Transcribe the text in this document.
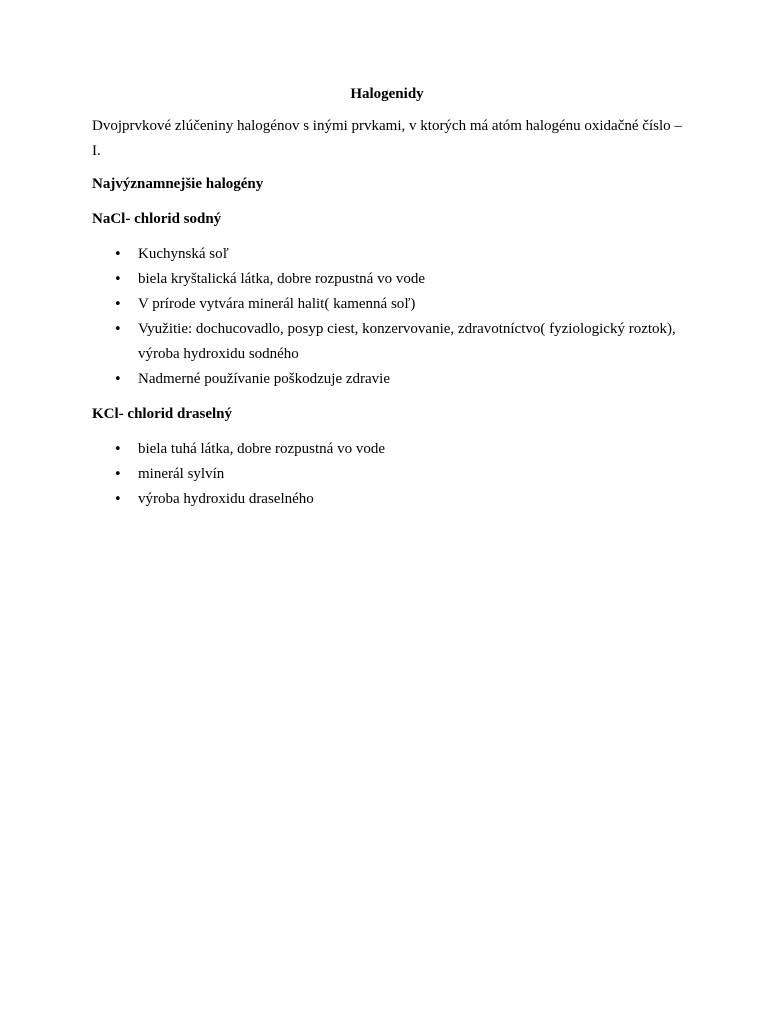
Halogenidy

Dvojprvkové zlúčeniny halogénov s inými prvkami, v ktorých má atóm halogénu oxidačné číslo – I.

Najvýznamnejšie halogény
NaCl- chlorid sodný
• Kuchynská soľ
• biela kryštalická látka, dobre rozpustná vo vode
• V prírode vytvára minerál halit( kamenná soľ)
• Využitie: dochucovadlo, posyp ciest, konzervovanie, zdravotníctvo( fyziologický roztok), výroba hydroxidu sodného
• Nadmerné používanie poškodzuje zdravie
KCl- chlorid draselný
• biela tuhá látka, dobre rozpustná vo vode
• minerál sylvín
• výroba hydroxidu draselného
